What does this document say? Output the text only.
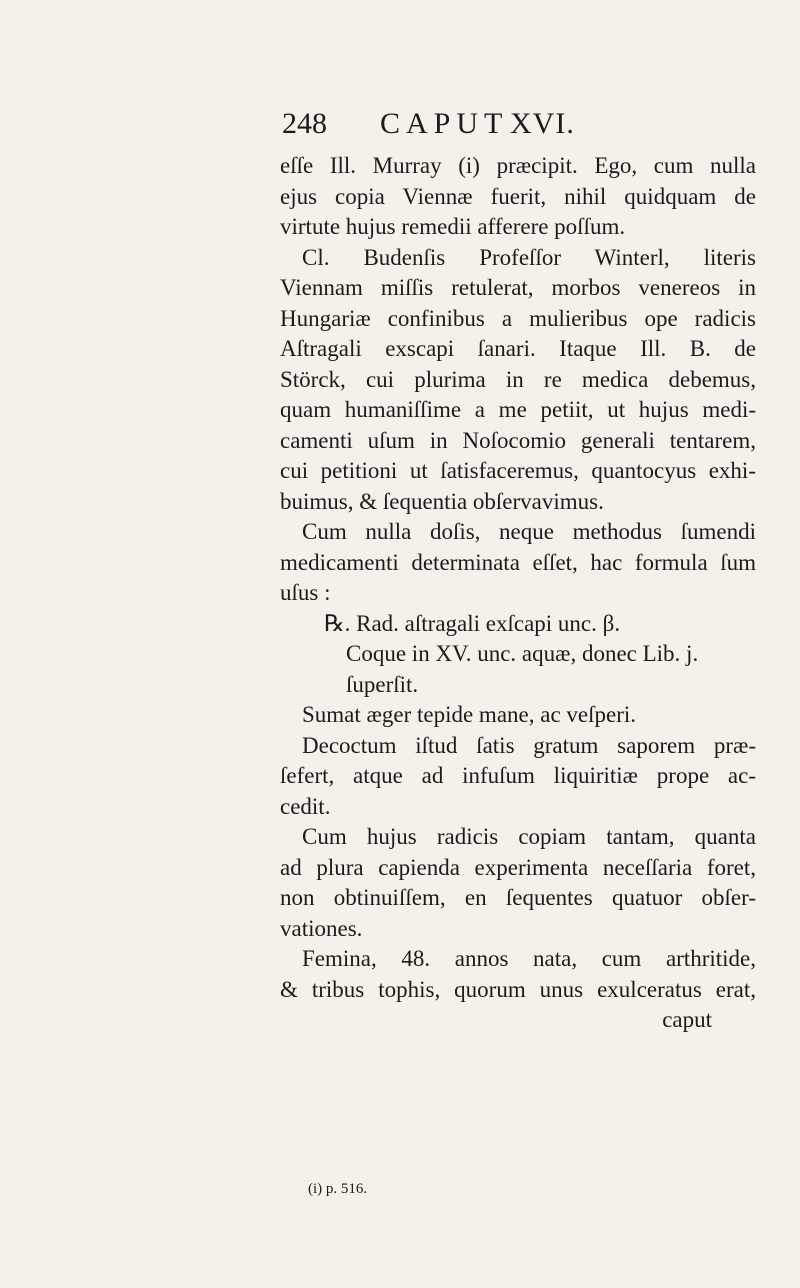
248 CAPUT XVI.
eſſe Ill. Murray (i) præcipit. Ego, cum nulla
ejus copia Viennæ fuerit, nihil quidquam de
virtute hujus remedii afferere poſſum.
Cl. Budenſis Profeſſor Winterl, literis
Viennam miſſis retulerat, morbos venereos in
Hungariæ confinibus a mulieribus ope radicis
Aſtragali exscapi ſanari. Itaque Ill. B. de
Störck, cui plurima in re medica debemus,
quam humaniſſime a me petiit, ut hujus medi-
camenti uſum in Noſocomio generali tentarem,
cui petitioni ut ſatisfaceremus, quantocyus exhi-
buimus, & ſequentia obſervavimus.
Cum nulla doſis, neque methodus ſumendi
medicamenti determinata eſſet, hac formula ſum
uſus :
℞. Rad. aſtragali exſcapi unc. β.
Coque in XV. unc. aquæ, donec Lib. j.
ſuperſit.
Sumat æger tepide mane, ac veſperi.
Decoctum iſtud ſatis gratum saporem præ-
ſefert, atque ad infuſum liquiritiæ prope ac-
cedit.
Cum hujus radicis copiam tantam, quanta
ad plura capienda experimenta neceſſaria foret,
non obtinuiſſem, en ſequentes quatuor obſer-
vationes.
Femina, 48. annos nata, cum arthritide,
& tribus tophis, quorum unus exulceratus erat,
caput
(i) p. 516.
